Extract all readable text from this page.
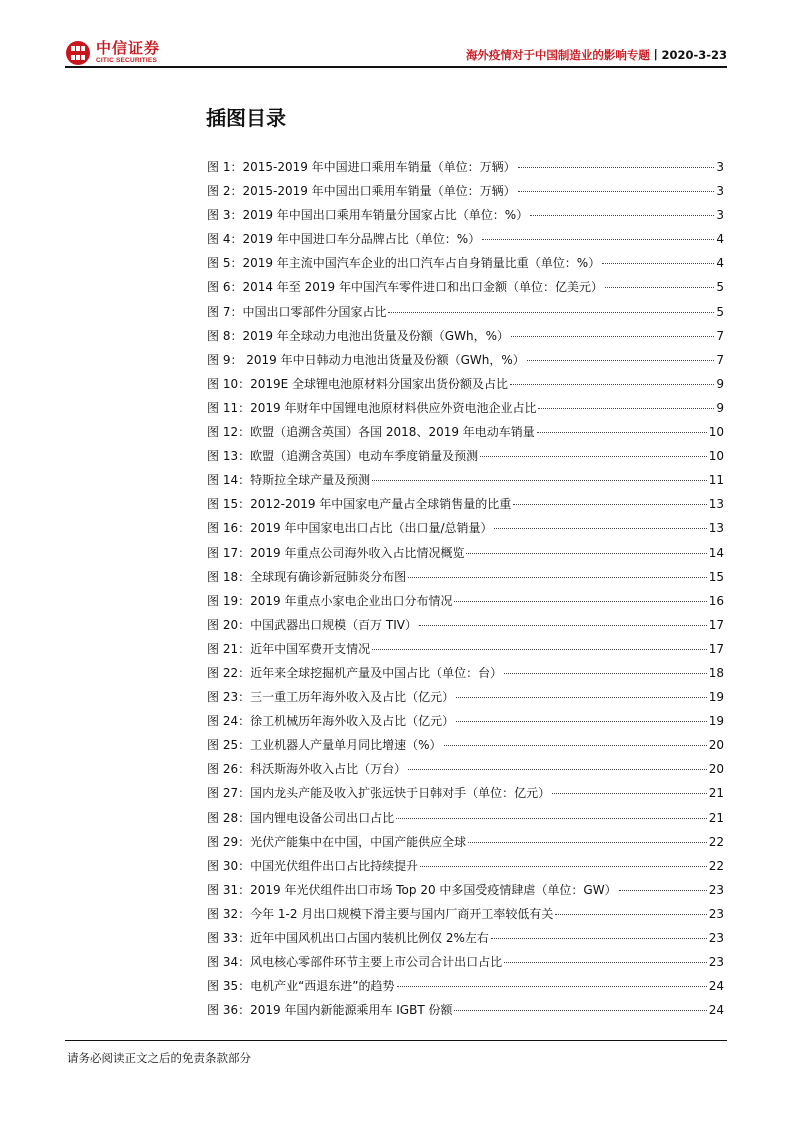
中信证券
CITIC SECURITIES	海外疫情对于中国制造业的影响专题丨2020-3-23
插图目录
图 1：2015-2019 年中国进口乘用车销量（单位：万辆）	3
图 2：2015-2019 年中国出口乘用车销量（单位：万辆）	3
图 3：2019 年中国出口乘用车销量分国家占比（单位：%）	3
图 4：2019 年中国进口车分品牌占比（单位：%）	4
图 5：2019 年主流中国汽车企业的出口汽车占自身销量比重（单位：%）	4
图 6：2014 年至 2019 年中国汽车零件进口和出口金额（单位：亿美元）	5
图 7：中国出口零部件分国家占比	5
图 8：2019 年全球动力电池出货量及份额（GWh，%）	7
图 9： 2019 年中日韩动力电池出货量及份额（GWh，%）	7
图 10：2019E 全球锂电池原材料分国家出货份额及占比	9
图 11：2019 年财年中国锂电池原材料供应外资电池企业占比	9
图 12：欧盟（追溯含英国）各国 2018、2019 年电动车销量	10
图 13：欧盟（追溯含英国）电动车季度销量及预测	10
图 14：特斯拉全球产量及预测	11
图 15：2012-2019 年中国家电产量占全球销售量的比重	13
图 16：2019 年中国家电出口占比（出口量/总销量）	13
图 17：2019 年重点公司海外收入占比情况概览	14
图 18：全球现有确诊新冠肺炎分布图	15
图 19：2019 年重点小家电企业出口分布情况	16
图 20：中国武器出口规模（百万 TIV）	17
图 21：近年中国军费开支情况	17
图 22：近年来全球挖掘机产量及中国占比（单位：台）	18
图 23：三一重工历年海外收入及占比（亿元）	19
图 24：徐工机械历年海外收入及占比（亿元）	19
图 25：工业机器人产量单月同比增速（%）	20
图 26：科沃斯海外收入占比（万台）	20
图 27：国内龙头产能及收入扩张远快于日韩对手（单位：亿元）	21
图 28：国内锂电设备公司出口占比	21
图 29：光伏产能集中在中国，中国产能供应全球	22
图 30：中国光伏组件出口占比持续提升	22
图 31：2019 年光伏组件出口市场 Top 20 中多国受疫情肆虐（单位：GW）	23
图 32：今年 1-2 月出口规模下滑主要与国内厂商开工率较低有关	23
图 33：近年中国风机出口占国内装机比例仅 2%左右	23
图 34：风电核心零部件环节主要上市公司合计出口占比	23
图 35：电机产业“西退东进”的趋势	24
图 36：2019 年国内新能源乘用车 IGBT 份额	24
请务必阅读正文之后的免责条款部分
